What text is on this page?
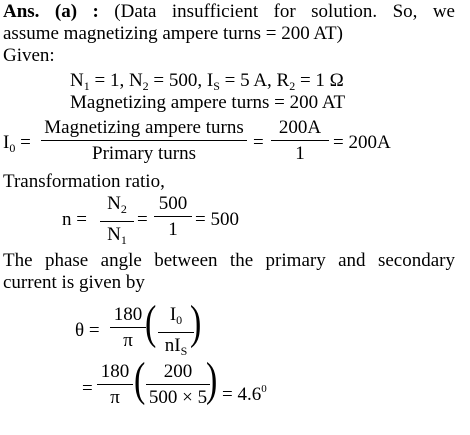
Ans. (a) : (Data insufficient for solution. So, we
assume magnetizing ampere turns = 200 AT)
Given:
$N_1 = 1$, $N_2 = 500$, $I_S = 5$ A, $R_2 = 1$ Ω
Magnetizing ampere turns = 200 AT
$I_0$ =
Magnetizing ampere turns
Primary turns
= $\frac{200A}{1} = 200A$
Transformation ratio,
$n = \frac{N_2}{N_1} = \frac{500}{1} = 500$
The phase angle between the primary and secondary
current is given by
$\theta = \frac{180}{\pi}$ ( $I_0$
$nI_S$
)
= $\frac{180}{\pi}$ ( $\frac{200}{500 \times 5}$
) = $4.6^0$
